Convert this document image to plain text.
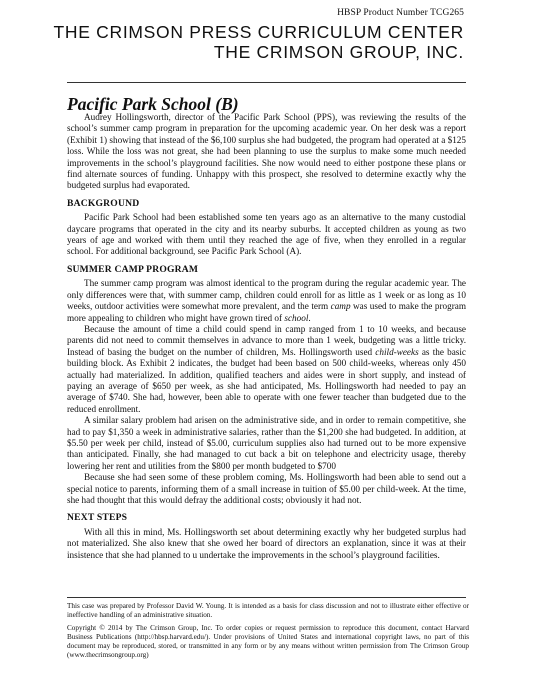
HBSP Product Number TCG265
THE CRIMSON PRESS CURRICULUM CENTER
THE CRIMSON GROUP, INC.
Pacific Park School (B)

Audrey Hollingsworth, director of the Pacific Park School (PPS), was reviewing the results of the school’s summer camp program in preparation for the upcoming academic year. On her desk was a report (Exhibit 1) showing that instead of the $6,100 surplus she had budgeted, the program had operated at a $125 loss. While the loss was not great, she had been planning to use the surplus to make some much needed improvements in the school’s playground facilities. She now would need to either postpone these plans or find alternate sources of funding. Unhappy with this prospect, she resolved to determine exactly why the budgeted surplus had evaporated.

BACKGROUND

Pacific Park School had been established some ten years ago as an alternative to the many custodial daycare programs that operated in the city and its nearby suburbs. It accepted children as young as two years of age and worked with them until they reached the age of five, when they enrolled in a regular school. For additional background, see Pacific Park School (A).

SUMMER CAMP PROGRAM

The summer camp program was almost identical to the program during the regular academic year. The only differences were that, with summer camp, children could enroll for as little as 1 week or as long as 10 weeks, outdoor activities were somewhat more prevalent, and the term camp was used to make the program more appealing to children who might have grown tired of school.

Because the amount of time a child could spend in camp ranged from 1 to 10 weeks, and because parents did not need to commit themselves in advance to more than 1 week, budgeting was a little tricky. Instead of basing the budget on the number of children, Ms. Hollingsworth used child-weeks as the basic building block. As Exhibit 2 indicates, the budget had been based on 500 child-weeks, whereas only 450 actually had materialized. In addition, qualified teachers and aides were in short supply, and instead of paying an average of $650 per week, as she had anticipated, Ms. Hollingsworth had needed to pay an average of $740. She had, however, been able to operate with one fewer teacher than budgeted due to the reduced enrollment.

A similar salary problem had arisen on the administrative side, and in order to remain competitive, she had to pay $1,350 a week in administrative salaries, rather than the $1,200 she had budgeted. In addition, at $5.50 per week per child, instead of $5.00, curriculum supplies also had turned out to be more expensive than anticipated. Finally, she had managed to cut back a bit on telephone and electricity usage, thereby lowering her rent and utilities from the $800 per month budgeted to $700

Because she had seen some of these problem coming, Ms. Hollingsworth had been able to send out a special notice to parents, informing them of a small increase in tuition of $5.00 per child-week. At the time, she had thought that this would defray the additional costs; obviously it had not.

NEXT STEPS

With all this in mind, Ms. Hollingsworth set about determining exactly why her budgeted surplus had not materialized. She also knew that she owed her board of directors an explanation, since it was at their insistence that she had planned to u undertake the improvements in the school’s playground facilities.

This case was prepared by Professor David W. Young. It is intended as a basis for class discussion and not to illustrate either effective or ineffective handling of an administrative situation.

Copyright © 2014 by The Crimson Group, Inc. To order copies or request permission to reproduce this document, contact Harvard Business Publications (http://hbsp.harvard.edu/). Under provisions of United States and international copyright laws, no part of this document may be reproduced, stored, or transmitted in any form or by any means without written permission from The Crimson Group (www.thecrimsongroup.org)
